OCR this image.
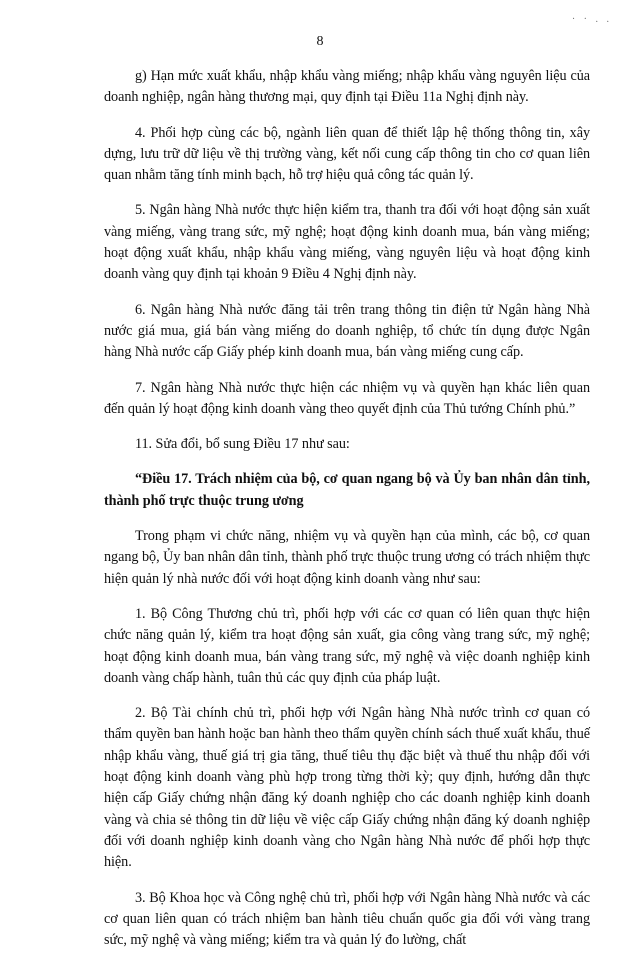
· · . .
8

g) Hạn mức xuất khẩu, nhập khẩu vàng miếng; nhập khẩu vàng nguyên liệu của doanh nghiệp, ngân hàng thương mại, quy định tại Điều 11a Nghị định này.

4. Phối hợp cùng các bộ, ngành liên quan để thiết lập hệ thống thông tin, xây dựng, lưu trữ dữ liệu về thị trường vàng, kết nối cung cấp thông tin cho cơ quan liên quan nhằm tăng tính minh bạch, hỗ trợ hiệu quả công tác quản lý.

5. Ngân hàng Nhà nước thực hiện kiểm tra, thanh tra đối với hoạt động sản xuất vàng miếng, vàng trang sức, mỹ nghệ; hoạt động kinh doanh mua, bán vàng miếng; hoạt động xuất khẩu, nhập khẩu vàng miếng, vàng nguyên liệu và hoạt động kinh doanh vàng quy định tại khoản 9 Điều 4 Nghị định này.

6. Ngân hàng Nhà nước đăng tải trên trang thông tin điện tử Ngân hàng Nhà nước giá mua, giá bán vàng miếng do doanh nghiệp, tổ chức tín dụng được Ngân hàng Nhà nước cấp Giấy phép kinh doanh mua, bán vàng miếng cung cấp.

7. Ngân hàng Nhà nước thực hiện các nhiệm vụ và quyền hạn khác liên quan đến quản lý hoạt động kinh doanh vàng theo quyết định của Thủ tướng Chính phủ.”

11. Sửa đổi, bổ sung Điều 17 như sau:

“Điều 17. Trách nhiệm của bộ, cơ quan ngang bộ và Ủy ban nhân dân tỉnh, thành phố trực thuộc trung ương

Trong phạm vi chức năng, nhiệm vụ và quyền hạn của mình, các bộ, cơ quan ngang bộ, Ủy ban nhân dân tỉnh, thành phố trực thuộc trung ương có trách nhiệm thực hiện quản lý nhà nước đối với hoạt động kinh doanh vàng như sau:

1. Bộ Công Thương chủ trì, phối hợp với các cơ quan có liên quan thực hiện chức năng quản lý, kiểm tra hoạt động sản xuất, gia công vàng trang sức, mỹ nghệ; hoạt động kinh doanh mua, bán vàng trang sức, mỹ nghệ và việc doanh nghiệp kinh doanh vàng chấp hành, tuân thủ các quy định của pháp luật.

2. Bộ Tài chính chủ trì, phối hợp với Ngân hàng Nhà nước trình cơ quan có thẩm quyền ban hành hoặc ban hành theo thẩm quyền chính sách thuế xuất khẩu, thuế nhập khẩu vàng, thuế giá trị gia tăng, thuế tiêu thụ đặc biệt và thuế thu nhập đối với hoạt động kinh doanh vàng phù hợp trong từng thời kỳ; quy định, hướng dẫn thực hiện cấp Giấy chứng nhận đăng ký doanh nghiệp cho các doanh nghiệp kinh doanh vàng và chia sẻ thông tin dữ liệu về việc cấp Giấy chứng nhận đăng ký doanh nghiệp đối với doanh nghiệp kinh doanh vàng cho Ngân hàng Nhà nước để phối hợp thực hiện.

3. Bộ Khoa học và Công nghệ chủ trì, phối hợp với Ngân hàng Nhà nước và các cơ quan liên quan có trách nhiệm ban hành tiêu chuẩn quốc gia đối với vàng trang sức, mỹ nghệ và vàng miếng; kiểm tra và quản lý đo lường, chất
